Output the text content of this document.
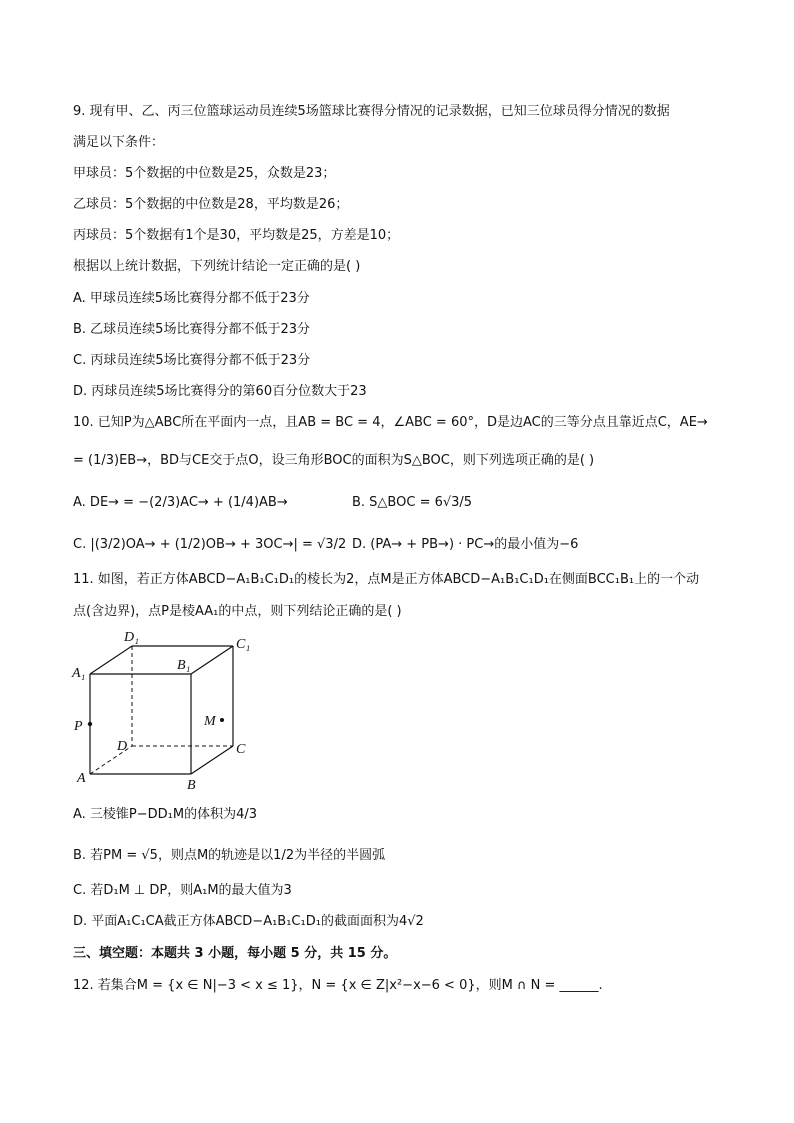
9. 现有甲、乙、丙三位篮球运动员连续5场篮球比赛得分情况的记录数据，已知三位球员得分情况的数据
满足以下条件：
甲球员：5个数据的中位数是25，众数是23；
乙球员：5个数据的中位数是28，平均数是26；
丙球员：5个数据有1个是30，平均数是25，方差是10；
根据以上统计数据，下列统计结论一定正确的是( )
A. 甲球员连续5场比赛得分都不低于23分
B. 乙球员连续5场比赛得分都不低于23分
C. 丙球员连续5场比赛得分都不低于23分
D. 丙球员连续5场比赛得分的第60百分位数大于23
10. 已知P为△ABC所在平面内一点，且AB = BC = 4，∠ABC = 60°，D是边AC的三等分点且靠近点C，AE→
= (1/3)EB→，BD与CE交于点O，设三角形BOC的面积为S△BOC，则下列选项正确的是( )
A. DE→ = −(2/3)AC→ + (1/4)AB→	B. S△BOC = 6√3/5
C. |(3/2)OA→ + (1/2)OB→ + 3OC→| = √3/2 D. (PA→ + PB→) · PC→的最小值为−6
11. 如图，若正方体ABCD−A₁B₁C₁D₁的棱长为2，点M是正方体ABCD−A₁B₁C₁D₁在侧面BCC₁B₁上的一个动
点(含边界)，点P是棱AA₁的中点，则下列结论正确的是( )
D₁	C₁
A₁
B₁
P	M
D	C
A	B
A. 三棱锥P−DD₁M的体积为4/3
B. 若PM = √5，则点M的轨迹是以1/2为半径的半圆弧
C. 若D₁M ⊥ DP，则A₁M的最大值为3
D. 平面A₁C₁CA截正方体ABCD−A₁B₁C₁D₁的截面面积为4√2
三、填空题：本题共 3 小题，每小题 5 分，共 15 分。
12. 若集合M = {x ∈ N|−3 < x ≤ 1}，N = {x ∈ Z|x²−x−6 < 0}，则M ∩ N = ______.
